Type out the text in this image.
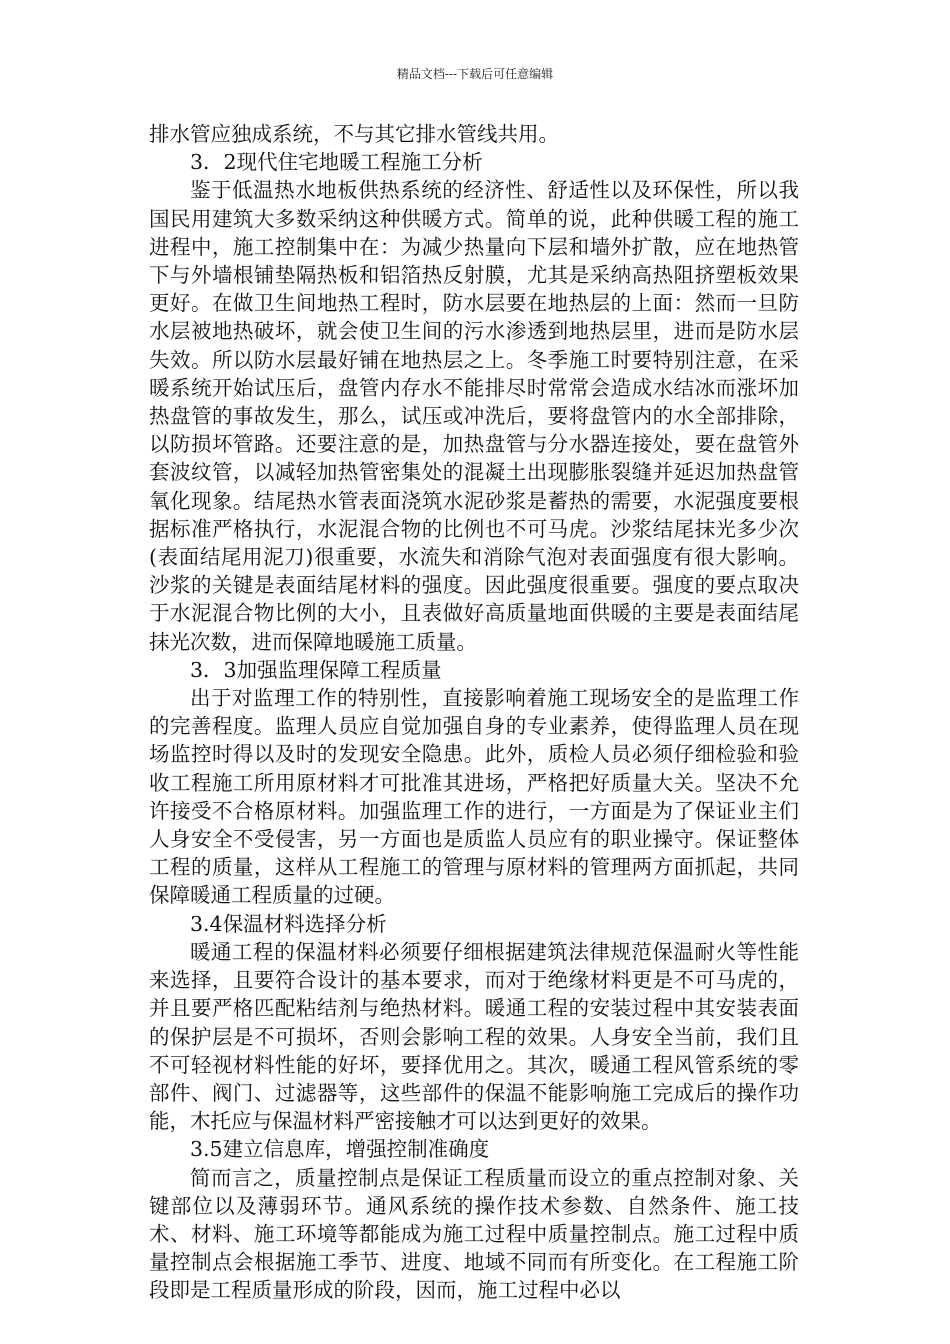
精品文档---下载后可任意编辑

排水管应独成系统，不与其它排水管线共用。

3．2现代住宅地暖工程施工分析

鉴于低温热水地板供热系统的经济性、舒适性以及环保性，所以我国民用建筑大多数采纳这种供暖方式。简单的说，此种供暖工程的施工进程中，施工控制集中在：为减少热量向下层和墙外扩散，应在地热管下与外墙根铺垫隔热板和铝箔热反射膜，尤其是采纳高热阻挤塑板效果更好。在做卫生间地热工程时，防水层要在地热层的上面：然而一旦防水层被地热破坏，就会使卫生间的污水渗透到地热层里，进而是防水层失效。所以防水层最好铺在地热层之上。冬季施工时要特别注意，在采暖系统开始试压后，盘管内存水不能排尽时常常会造成水结冰而涨坏加热盘管的事故发生，那么，试压或冲洗后，要将盘管内的水全部排除，以防损坏管路。还要注意的是，加热盘管与分水器连接处，要在盘管外套波纹管，以减轻加热管密集处的混凝土出现膨胀裂缝并延迟加热盘管氧化现象。结尾热水管表面浇筑水泥砂浆是蓄热的需要，水泥强度要根据标准严格执行，水泥混合物的比例也不可马虎。沙浆结尾抹光多少次(表面结尾用泥刀)很重要，水流失和消除气泡对表面强度有很大影响。沙浆的关键是表面结尾材料的强度。因此强度很重要。强度的要点取决于水泥混合物比例的大小，且表做好高质量地面供暖的主要是表面结尾抹光次数，进而保障地暖施工质量。

3．3加强监理保障工程质量

出于对监理工作的特别性，直接影响着施工现场安全的是监理工作的完善程度。监理人员应自觉加强自身的专业素养，使得监理人员在现场监控时得以及时的发现安全隐患。此外，质检人员必须仔细检验和验收工程施工所用原材料才可批准其进场，严格把好质量大关。坚决不允许接受不合格原材料。加强监理工作的进行，一方面是为了保证业主们人身安全不受侵害，另一方面也是质监人员应有的职业操守。保证整体工程的质量，这样从工程施工的管理与原材料的管理两方面抓起，共同保障暖通工程质量的过硬。

3.4保温材料选择分析

暖通工程的保温材料必须要仔细根据建筑法律规范保温耐火等性能来选择，且要符合设计的基本要求，而对于绝缘材料更是不可马虎的，并且要严格匹配粘结剂与绝热材料。暖通工程的安装过程中其安装表面的保护层是不可损坏，否则会影响工程的效果。人身安全当前，我们且不可轻视材料性能的好坏，要择优用之。其次，暖通工程风管系统的零部件、阀门、过滤器等，这些部件的保温不能影响施工完成后的操作功能，木托应与保温材料严密接触才可以达到更好的效果。

3.5建立信息库，增强控制准确度

简而言之，质量控制点是保证工程质量而设立的重点控制对象、关键部位以及薄弱环节。通风系统的操作技术参数、自然条件、施工技术、材料、施工环境等都能成为施工过程中质量控制点。施工过程中质量控制点会根据施工季节、进度、地域不同而有所变化。在工程施工阶段即是工程质量形成的阶段，因而，施工过程中必以
